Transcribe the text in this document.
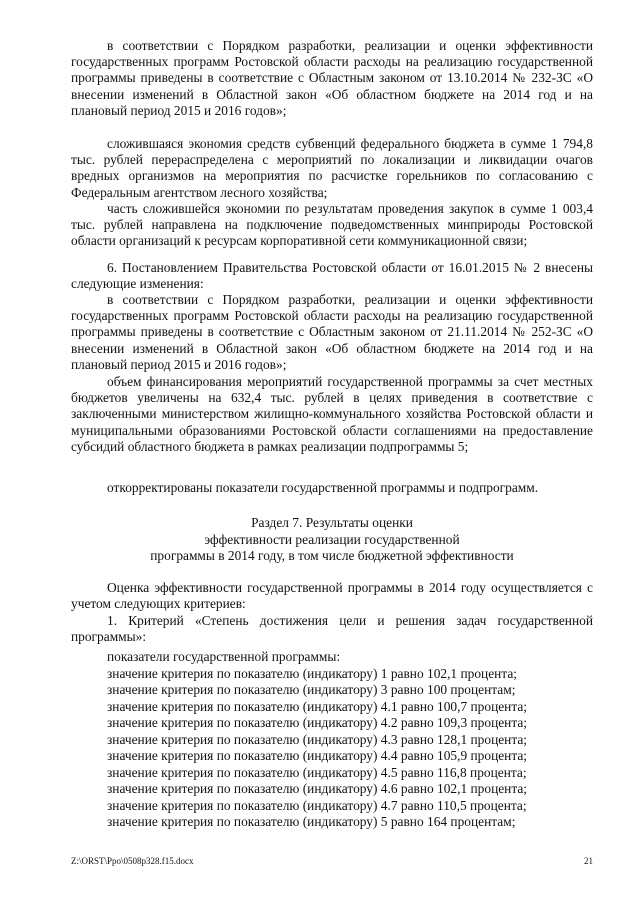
в соответствии с Порядком разработки, реализации и оценки эффективности государственных программ Ростовской области расходы на реализацию государственной программы приведены в соответствие с Областным законом от 13.10.2014 № 232-ЗС «О внесении изменений в Областной закон «Об областном бюджете на 2014 год и на плановый период 2015 и 2016 годов»;

сложившаяся экономия средств субвенций федерального бюджета в сумме 1 794,8 тыс. рублей перераспределена с мероприятий по локализации и ликвидации очагов вредных организмов на мероприятия по расчистке горельников по согласованию с Федеральным агентством лесного хозяйства;

часть сложившейся экономии по результатам проведения закупок в сумме 1 003,4 тыс. рублей направлена на подключение подведомственных минприроды Ростовской области организаций к ресурсам корпоративной сети коммуникационной связи;

6. Постановлением Правительства Ростовской области от 16.01.2015 № 2 внесены следующие изменения:

в соответствии с Порядком разработки, реализации и оценки эффективности государственных программ Ростовской области расходы на реализацию государственной программы приведены в соответствие с Областным законом от 21.11.2014 № 252-ЗС «О внесении изменений в Областной закон «Об областном бюджете на 2014 год и на плановый период 2015 и 2016 годов»;

объем финансирования мероприятий государственной программы за счет местных бюджетов увеличены на 632,4 тыс. рублей в целях приведения в соответствие с заключенными министерством жилищно-коммунального хозяйства Ростовской области и муниципальными образованиями Ростовской области соглашениями на предоставление субсидий областного бюджета в рамках реализации подпрограммы 5;

откорректированы показатели государственной программы и подпрограмм.

Раздел 7. Результаты оценки
эффективности реализации государственной
программы в 2014 году, в том числе бюджетной эффективности

Оценка эффективности государственной программы в 2014 году осуществляется с учетом следующих критериев:

1. Критерий «Степень достижения цели и решения задач государственной программы»:

показатели государственной программы:
значение критерия по показателю (индикатору) 1 равно 102,1 процента;
значение критерия по показателю (индикатору) 3 равно 100 процентам;
значение критерия по показателю (индикатору) 4.1 равно 100,7 процента;
значение критерия по показателю (индикатору) 4.2 равно 109,3 процента;
значение критерия по показателю (индикатору) 4.3 равно 128,1 процента;
значение критерия по показателю (индикатору) 4.4 равно 105,9 процента;
значение критерия по показателю (индикатору) 4.5 равно 116,8 процента;
значение критерия по показателю (индикатору) 4.6 равно 102,1 процента;
значение критерия по показателю (индикатору) 4.7 равно 110,5 процента;
значение критерия по показателю (индикатору) 5 равно 164 процентам;
Z:\ORST\Ppo\0508p328.f15.docx	21
